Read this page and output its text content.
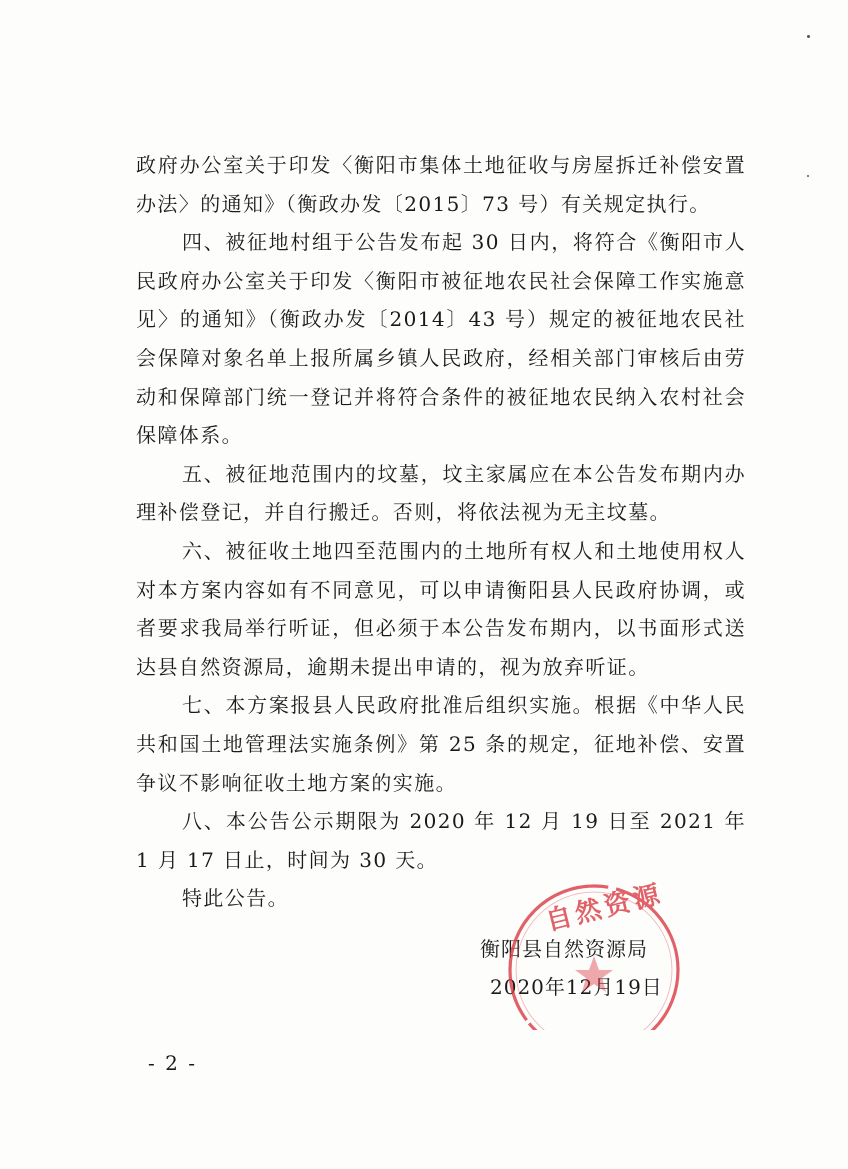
政府办公室关于印发〈衡阳市集体土地征收与房屋拆迁补偿安置办法〉的通知》（衡政办发〔2015〕73 号）有关规定执行。

四、被征地村组于公告发布起 30 日内，将符合《衡阳市人民政府办公室关于印发〈衡阳市被征地农民社会保障工作实施意见〉的通知》（衡政办发〔2014〕43 号）规定的被征地农民社会保障对象名单上报所属乡镇人民政府，经相关部门审核后由劳动和保障部门统一登记并将符合条件的被征地农民纳入农村社会保障体系。

五、被征地范围内的坟墓，坟主家属应在本公告发布期内办理补偿登记，并自行搬迁。否则，将依法视为无主坟墓。

六、被征收土地四至范围内的土地所有权人和土地使用权人对本方案内容如有不同意见，可以申请衡阳县人民政府协调，或者要求我局举行听证，但必须于本公告发布期内，以书面形式送达县自然资源局，逾期未提出申请的，视为放弃听证。

七、本方案报县人民政府批准后组织实施。根据《中华人民共和国土地管理法实施条例》第 25 条的规定，征地补偿、安置争议不影响征收土地方案的实施。

八、本公告公示期限为 2020 年 12 月 19 日至 2021 年 1 月 17 日止，时间为 30 天。

特此公告。

衡阳县自然资源局
2020年12月19日
自然资源
- 2 -
